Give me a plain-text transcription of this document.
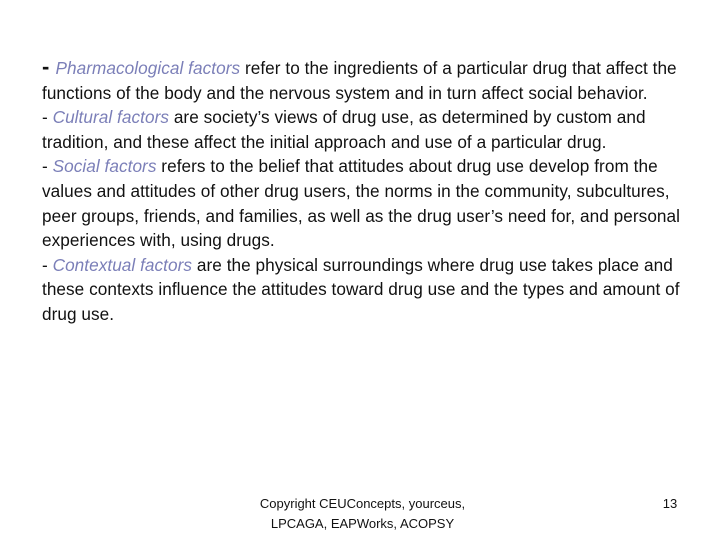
- Pharmacological factors refer to the ingredients of a particular drug that affect the functions of the body and the nervous system and in turn affect social behavior.

- Cultural factors are society’s views of drug use, as determined by custom and tradition, and these affect the initial approach and use of a particular drug.

- Social factors refers to the belief that attitudes about drug use develop from the values and attitudes of other drug users, the norms in the community, subcultures, peer groups, friends, and families, as well as the drug user’s need for, and personal experiences with, using drugs.

- Contextual factors are the physical surroundings where drug use takes place and these contexts influence the attitudes toward drug use and the types and amount of drug use.

Copyright CEUConcepts, yourceus, LPCAGA, EAPWorks, ACOPSY
13
